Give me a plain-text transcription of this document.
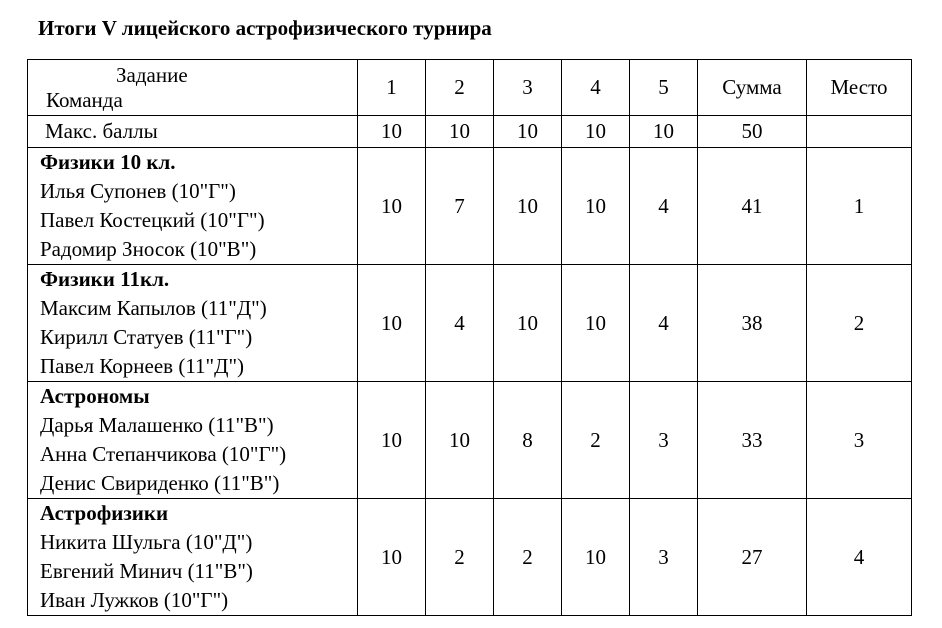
Итоги V лицейского астрофизического турнира
Задание
Команда	1	2	3	4	5	Сумма	Место
Макс. баллы	10	10	10	10	10	50	

Физики 10 кл.
Илья Супонев (10"Г")
Павел Костецкий (10"Г")
Радомир Зносок (10"В")	10	7	10	10	4	41	1

Физики 11кл.
Максим Капылов (11"Д")
Кирилл Статуев (11"Г")
Павел Корнеев (11"Д")	10	4	10	10	4	38	2

Астрономы
Дарья Малашенко (11"В")
Анна Степанчикова (10"Г")
Денис Свириденко (11"В")	10	10	8	2	3	33	3

Астрофизики
Никита Шульга (10"Д")
Евгений Минич (11"В")
Иван Лужков (10"Г")	10	2	2	10	3	27	4
